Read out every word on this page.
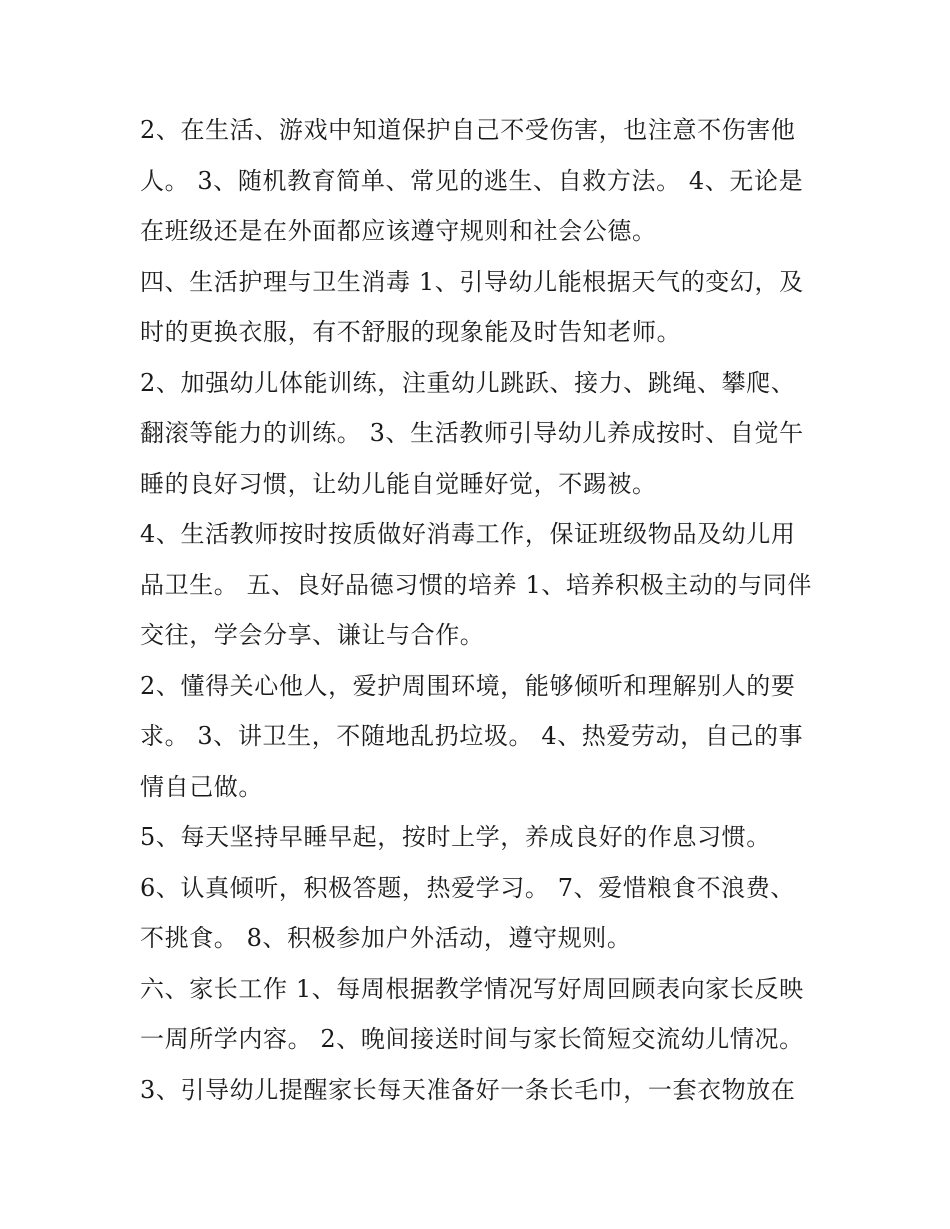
2、在生活、游戏中知道保护自己不受伤害，也注意不伤害他
人。 3、随机教育简单、常见的逃生、自救方法。 4、无论是
在班级还是在外面都应该遵守规则和社会公德。
四、生活护理与卫生消毒 1、引导幼儿能根据天气的变幻，及
时的更换衣服，有不舒服的现象能及时告知老师。
2、加强幼儿体能训练，注重幼儿跳跃、接力、跳绳、攀爬、
翻滚等能力的训练。 3、生活教师引导幼儿养成按时、自觉午
睡的良好习惯，让幼儿能自觉睡好觉，不踢被。
4、生活教师按时按质做好消毒工作，保证班级物品及幼儿用
品卫生。 五、良好品德习惯的培养 1、培养积极主动的与同伴
交往，学会分享、谦让与合作。
2、懂得关心他人，爱护周围环境，能够倾听和理解别人的要
求。 3、讲卫生，不随地乱扔垃圾。 4、热爱劳动，自己的事
情自己做。
5、每天坚持早睡早起，按时上学，养成良好的作息习惯。
6、认真倾听，积极答题，热爱学习。 7、爱惜粮食不浪费、
不挑食。 8、积极参加户外活动，遵守规则。
六、家长工作 1、每周根据教学情况写好周回顾表向家长反映
一周所学内容。 2、晚间接送时间与家长简短交流幼儿情况。
3、引导幼儿提醒家长每天准备好一条长毛巾，一套衣物放在
